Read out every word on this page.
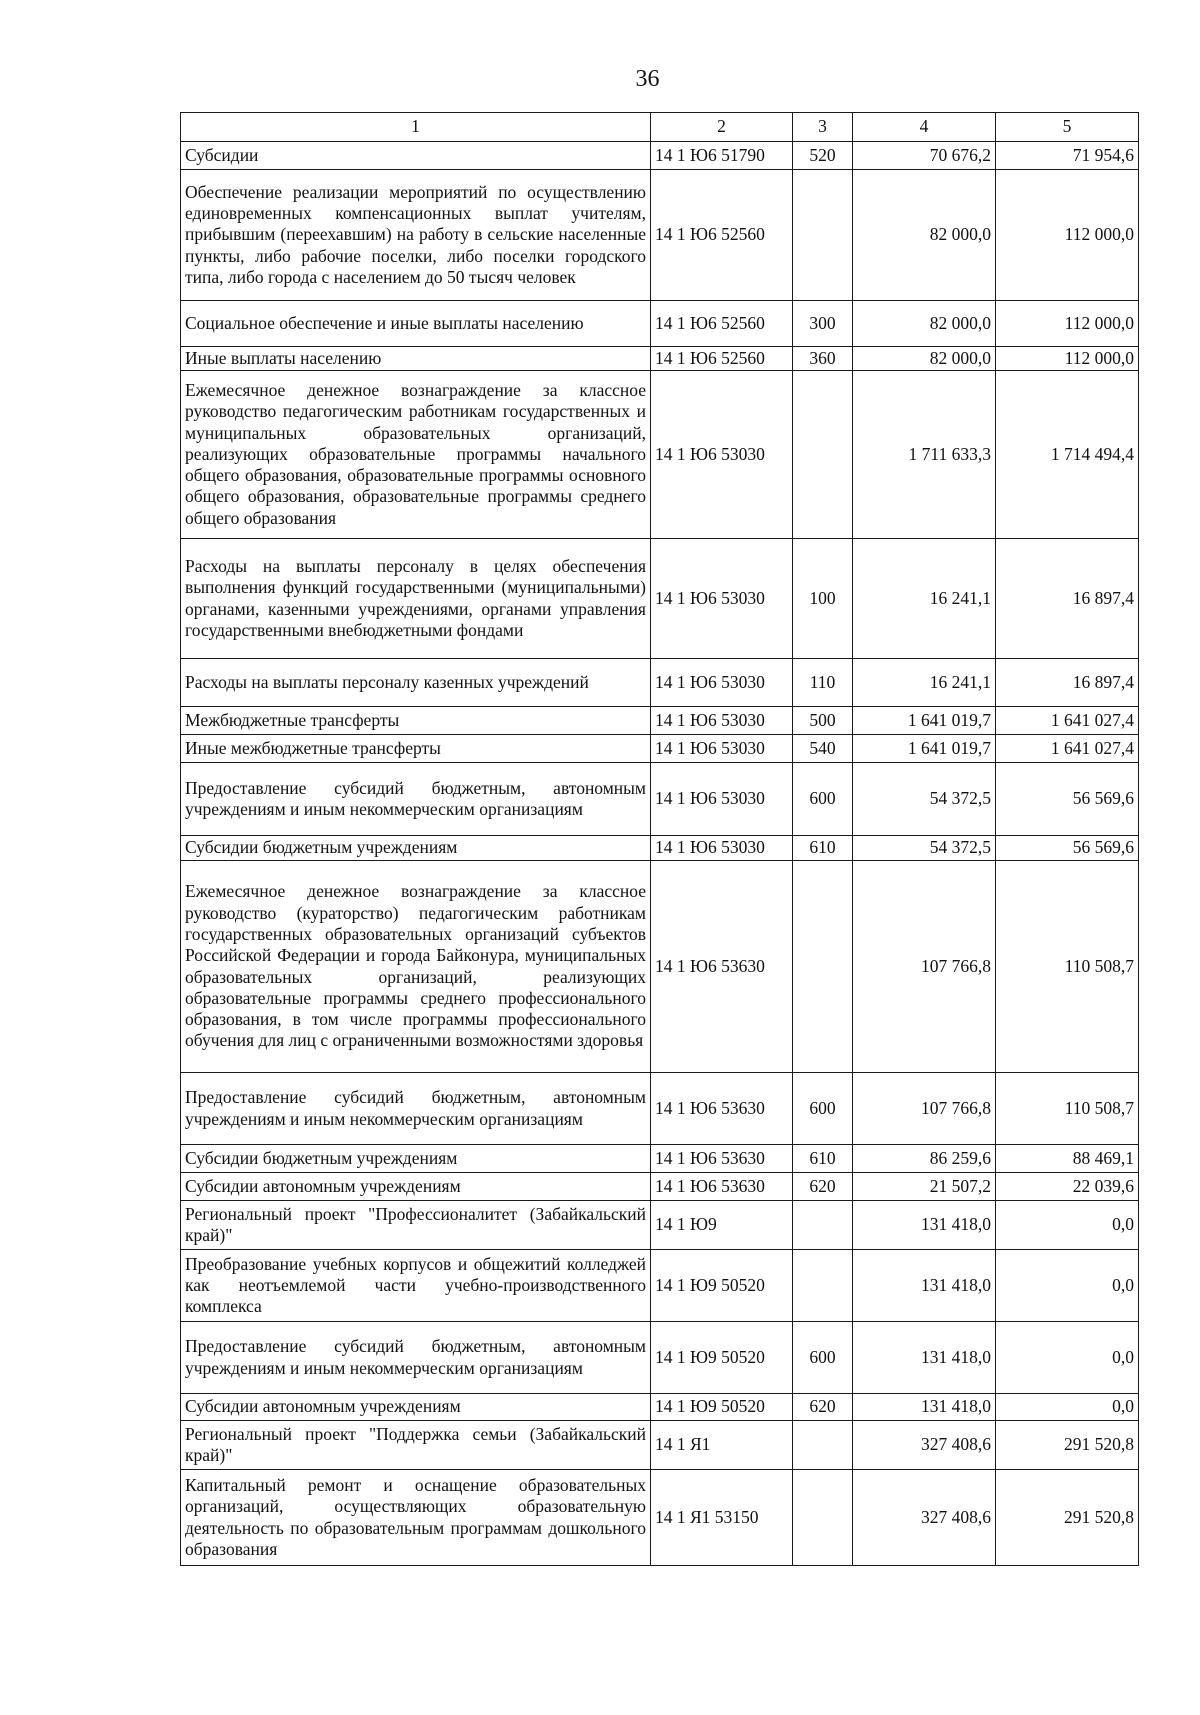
36
1	2	3	4	5
Субсидии	14 1 Ю6 51790	520	70 676,2	71 954,6
Обеспечение реализации мероприятий по осуществлению единовременных компенсационных выплат учителям, прибывшим (переехавшим) на работу в сельские населенные пункты, либо рабочие поселки, либо поселки городского типа, либо города с населением до 50 тысяч человек	14 1 Ю6 52560		82 000,0	112 000,0
Социальное обеспечение и иные выплаты населению	14 1 Ю6 52560	300	82 000,0	112 000,0
Иные выплаты населению	14 1 Ю6 52560	360	82 000,0	112 000,0
Ежемесячное денежное вознаграждение за классное руководство педагогическим работникам государственных и муниципальных образовательных организаций, реализующих образовательные программы начального общего образования, образовательные программы основного общего образования, образовательные программы среднего общего образования	14 1 Ю6 53030		1 711 633,3	1 714 494,4
Расходы на выплаты персоналу в целях обеспечения выполнения функций государственными (муниципальными) органами, казенными учреждениями, органами управления государственными внебюджетными фондами	14 1 Ю6 53030	100	16 241,1	16 897,4
Расходы на выплаты персоналу казенных учреждений	14 1 Ю6 53030	110	16 241,1	16 897,4
Межбюджетные трансферты	14 1 Ю6 53030	500	1 641 019,7	1 641 027,4
Иные межбюджетные трансферты	14 1 Ю6 53030	540	1 641 019,7	1 641 027,4
Предоставление субсидий бюджетным, автономным учреждениям и иным некоммерческим организациям	14 1 Ю6 53030	600	54 372,5	56 569,6
Субсидии бюджетным учреждениям	14 1 Ю6 53030	610	54 372,5	56 569,6
Ежемесячное денежное вознаграждение за классное руководство (кураторство) педагогическим работникам государственных образовательных организаций субъектов Российской Федерации и города Байконура, муниципальных образовательных организаций, реализующих образовательные программы среднего профессионального образования, в том числе программы профессионального обучения для лиц с ограниченными возможностями здоровья	14 1 Ю6 53630		107 766,8	110 508,7
Предоставление субсидий бюджетным, автономным учреждениям и иным некоммерческим организациям	14 1 Ю6 53630	600	107 766,8	110 508,7
Субсидии бюджетным учреждениям	14 1 Ю6 53630	610	86 259,6	88 469,1
Субсидии автономным учреждениям	14 1 Ю6 53630	620	21 507,2	22 039,6
Региональный проект "Профессионалитет (Забайкальский край)"	14 1 Ю9		131 418,0	0,0
Преобразование учебных корпусов и общежитий колледжей как неотъемлемой части учебно-производственного комплекса	14 1 Ю9 50520		131 418,0	0,0
Предоставление субсидий бюджетным, автономным учреждениям и иным некоммерческим организациям	14 1 Ю9 50520	600	131 418,0	0,0
Субсидии автономным учреждениям	14 1 Ю9 50520	620	131 418,0	0,0
Региональный проект "Поддержка семьи (Забайкальский край)"	14 1 Я1		327 408,6	291 520,8
Капитальный ремонт и оснащение образовательных организаций, осуществляющих образовательную деятельность по образовательным программам дошкольного образования	14 1 Я1 53150		327 408,6	291 520,8
